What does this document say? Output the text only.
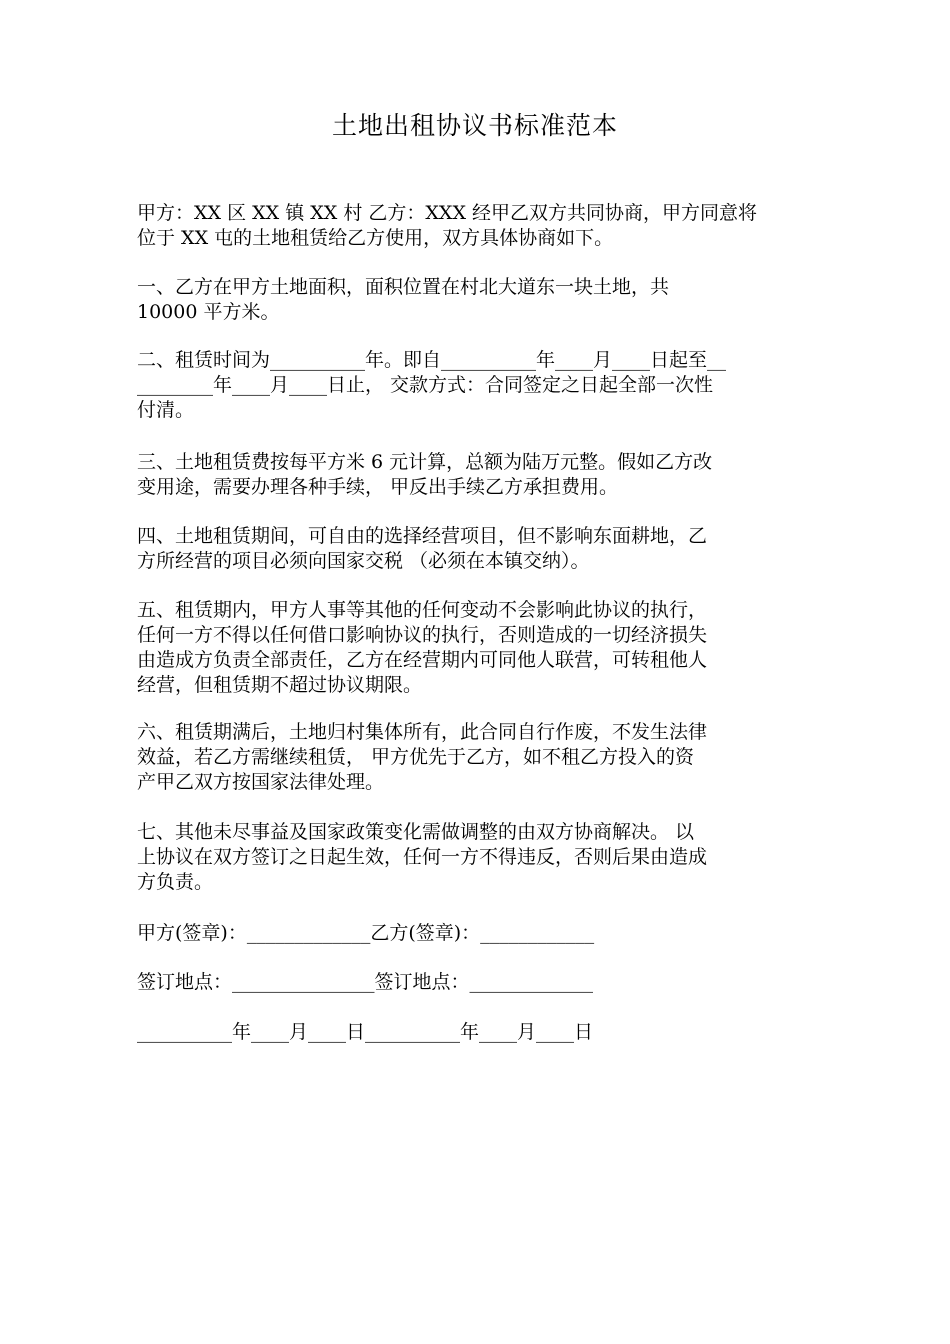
土地出租协议书标准范本
甲方：XX 区 XX 镇 XX 村 乙方：XXX 经甲乙双方共同协商，甲方同意将
位于 XX 屯的土地租赁给乙方使用，双方具体协商如下。
一、乙方在甲方土地面积，面积位置在村北大道东一块土地，共
10000 平方米。
二、租赁时间为__________年。即自__________年____月____日起至__
________年____月____日止， 交款方式：合同签定之日起全部一次性
付清。
三、土地租赁费按每平方米 6 元计算，总额为陆万元整。假如乙方改
变用途，需要办理各种手续， 甲反出手续乙方承担费用。
四、土地租赁期间，可自由的选择经营项目，但不影响东面耕地，乙
方所经营的项目必须向国家交税 （必须在本镇交纳）。
五、租赁期内，甲方人事等其他的任何变动不会影响此协议的执行，
任何一方不得以任何借口影响协议的执行，否则造成的一切经济损失
由造成方负责全部责任，乙方在经营期内可同他人联营，可转租他人
经营，但租赁期不超过协议期限。
六、租赁期满后，土地归村集体所有，此合同自行作废，不发生法律
效益，若乙方需继续租赁， 甲方优先于乙方，如不租乙方投入的资
产甲乙双方按国家法律处理。
七、其他未尽事益及国家政策变化需做调整的由双方协商解决。 以
上协议在双方签订之日起生效，任何一方不得违反，否则后果由造成
方负责。
甲方(签章)：_____________乙方(签章)：____________
签订地点：_______________签订地点：_____________
__________年____月____日__________年____月____日
